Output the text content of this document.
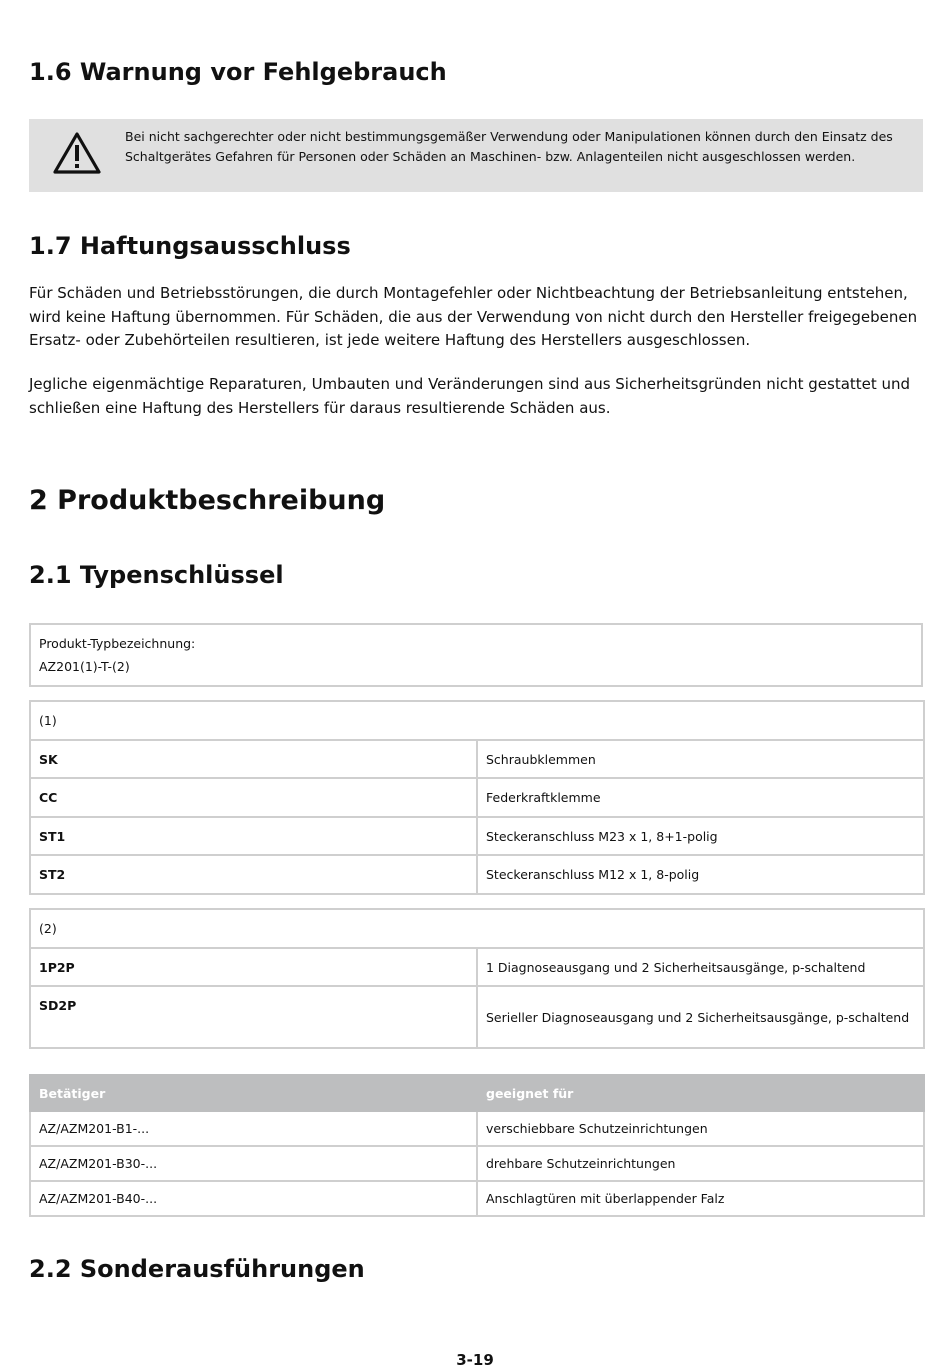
1.6 Warnung vor Fehlgebrauch
Bei nicht sachgerechter oder nicht bestimmungsgemäßer Verwendung oder Manipulationen können durch den Einsatz des Schaltgerätes Gefahren für Personen oder Schäden an Maschinen- bzw. Anlagenteilen nicht ausgeschlossen werden.
1.7 Haftungsausschluss

Für Schäden und Betriebsstörungen, die durch Montagefehler oder Nichtbeachtung der Betriebsanleitung entstehen, wird keine Haftung übernommen. Für Schäden, die aus der Verwendung von nicht durch den Hersteller freigegebenen Ersatz- oder Zubehörteilen resultieren, ist jede weitere Haftung des Herstellers ausgeschlossen.

Jegliche eigenmächtige Reparaturen, Umbauten und Veränderungen sind aus Sicherheitsgründen nicht gestattet und schließen eine Haftung des Herstellers für daraus resultierende Schäden aus.

2 Produktbeschreibung
2.1 Typenschlüssel
Produkt-Typbezeichnung:
AZ201(1)-T-(2)
(1)	
SK	Schraubklemmen
CC	Federkraftklemme
ST1	Steckeranschluss M23 x 1, 8+1-polig
ST2	Steckeranschluss M12 x 1, 8-polig
(2)	
1P2P	1 Diagnoseausgang und 2 Sicherheitsausgänge, p-schaltend
SD2P	Serieller Diagnoseausgang und 2 Sicherheitsausgänge, p-schaltend
Betätiger	geeignet für
AZ/AZM201-B1-...	verschiebbare Schutzeinrichtungen
AZ/AZM201-B30-...	drehbare Schutzeinrichtungen
AZ/AZM201-B40-...	Anschlagtüren mit überlappender Falz
2.2 Sonderausführungen
3-19
